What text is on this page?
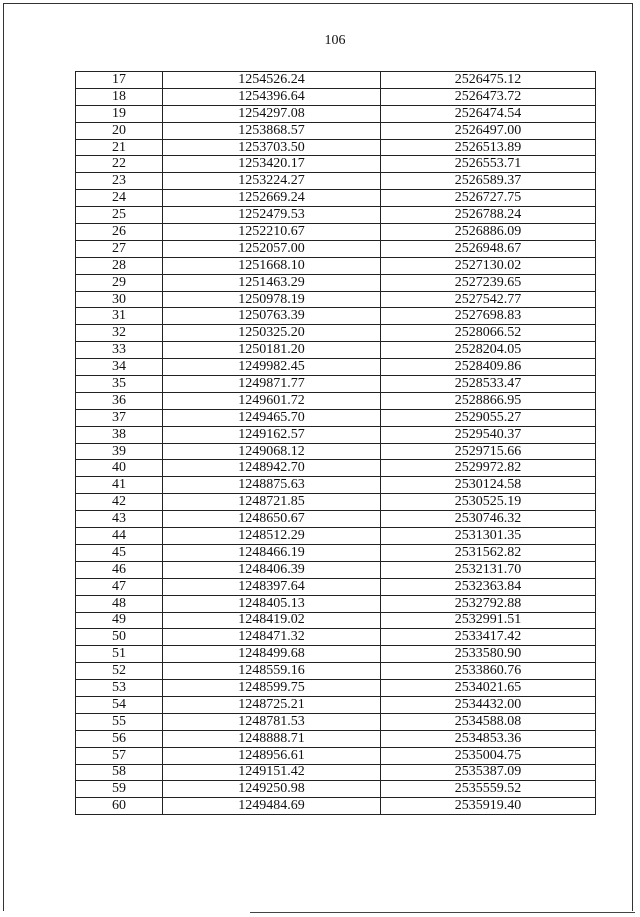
106
17	1254526.24	2526475.12
18	1254396.64	2526473.72
19	1254297.08	2526474.54
20	1253868.57	2526497.00
21	1253703.50	2526513.89
22	1253420.17	2526553.71
23	1253224.27	2526589.37
24	1252669.24	2526727.75
25	1252479.53	2526788.24
26	1252210.67	2526886.09
27	1252057.00	2526948.67
28	1251668.10	2527130.02
29	1251463.29	2527239.65
30	1250978.19	2527542.77
31	1250763.39	2527698.83
32	1250325.20	2528066.52
33	1250181.20	2528204.05
34	1249982.45	2528409.86
35	1249871.77	2528533.47
36	1249601.72	2528866.95
37	1249465.70	2529055.27
38	1249162.57	2529540.37
39	1249068.12	2529715.66
40	1248942.70	2529972.82
41	1248875.63	2530124.58
42	1248721.85	2530525.19
43	1248650.67	2530746.32
44	1248512.29	2531301.35
45	1248466.19	2531562.82
46	1248406.39	2532131.70
47	1248397.64	2532363.84
48	1248405.13	2532792.88
49	1248419.02	2532991.51
50	1248471.32	2533417.42
51	1248499.68	2533580.90
52	1248559.16	2533860.76
53	1248599.75	2534021.65
54	1248725.21	2534432.00
55	1248781.53	2534588.08
56	1248888.71	2534853.36
57	1248956.61	2535004.75
58	1249151.42	2535387.09
59	1249250.98	2535559.52
60	1249484.69	2535919.40
